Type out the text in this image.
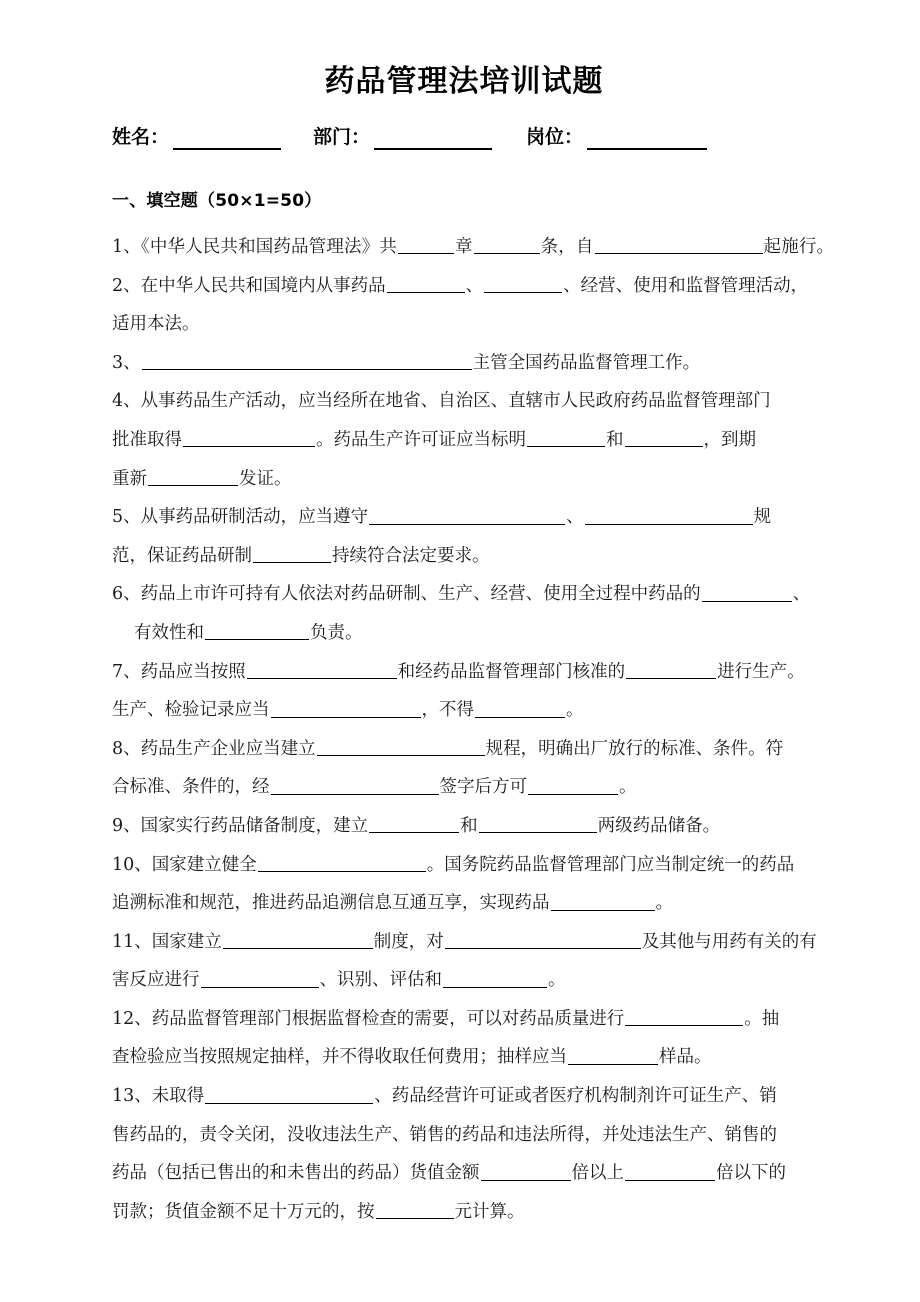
药品管理法培训试题
姓名：	部门：	岗位：
一、填空题（50×1=50）
1、《中华人民共和国药品管理法》共	章	条，自	起施行。
2、在中华人民共和国境内从事药品	、	、经营、使用和监督管理活动，
适用本法。
3、	主管全国药品监督管理工作。
4、从事药品生产活动，应当经所在地省、自治区、直辖市人民政府药品监督管理部门
批准取得	。药品生产许可证应当标明	和	，到期
重新	发证。
5、从事药品研制活动，应当遵守	、	规
范，保证药品研制	持续符合法定要求。
6、药品上市许可持有人依法对药品研制、生产、经营、使用全过程中药品的	、
有效性和	负责。
7、药品应当按照	和经药品监督管理部门核准的	进行生产。
生产、检验记录应当	，不得	。
8、药品生产企业应当建立	规程，明确出厂放行的标准、条件。符
合标准、条件的，经	签字后方可	。
9、国家实行药品储备制度，建立	和	两级药品储备。
10、国家建立健全	。国务院药品监督管理部门应当制定统一的药品
追溯标准和规范，推进药品追溯信息互通互享，实现药品	。
11、国家建立	制度，对	及其他与用药有关的有
害反应进行	、识别、评估和	。
12、药品监督管理部门根据监督检查的需要，可以对药品质量进行	。抽
查检验应当按照规定抽样，并不得收取任何费用；抽样应当	样品。
13、未取得	、药品经营许可证或者医疗机构制剂许可证生产、销
售药品的，责令关闭，没收违法生产、销售的药品和违法所得，并处违法生产、销售的
药品（包括已售出的和未售出的药品）货值金额	倍以上	倍以下的
罚款；货值金额不足十万元的，按	元计算。
